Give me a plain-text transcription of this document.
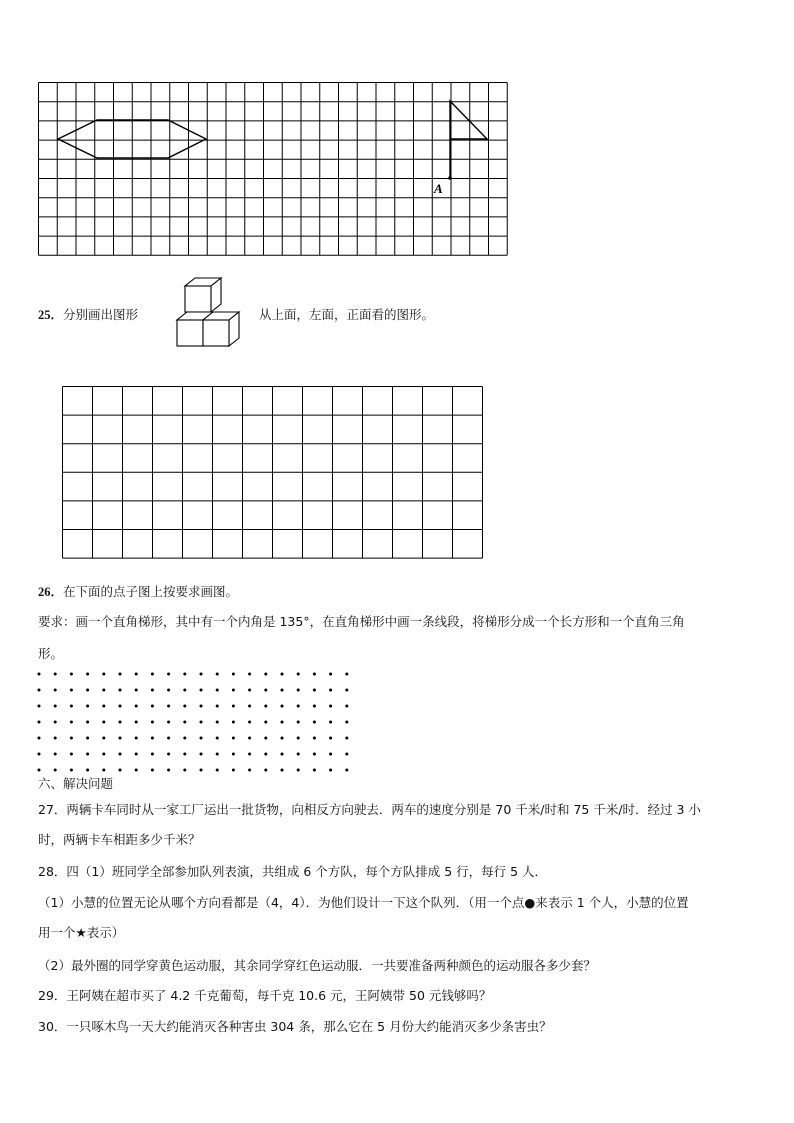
A
25．分别画出图形	从上面，左面，正面看的图形。
26．在下面的点子图上按要求画图。
要求：画一个直角梯形，其中有一个内角是 135°，在直角梯形中画一条线段，将梯形分成一个长方形和一个直角三角
形。
六、解决问题
27．两辆卡车同时从一家工厂运出一批货物，向相反方向驶去．两车的速度分别是 70 千米/时和 75 千米/时．经过 3 小
时，两辆卡车相距多少千米？
28．四（1）班同学全部参加队列表演，共组成 6 个方队，每个方队排成 5 行，每行 5 人．
（1）小慧的位置无论从哪个方向看都是（4，4）．为他们设计一下这个队列．（用一个点●来表示 1 个人，小慧的位置
用一个★表示）
（2）最外圈的同学穿黄色运动服，其余同学穿红色运动服．一共要准备两种颜色的运动服各多少套？
29．王阿姨在超市买了 4.2 千克葡萄，每千克 10.6 元，王阿姨带 50 元钱够吗？
30．一只啄木鸟一天大约能消灭各种害虫 304 条，那么它在 5 月份大约能消灭多少条害虫？
